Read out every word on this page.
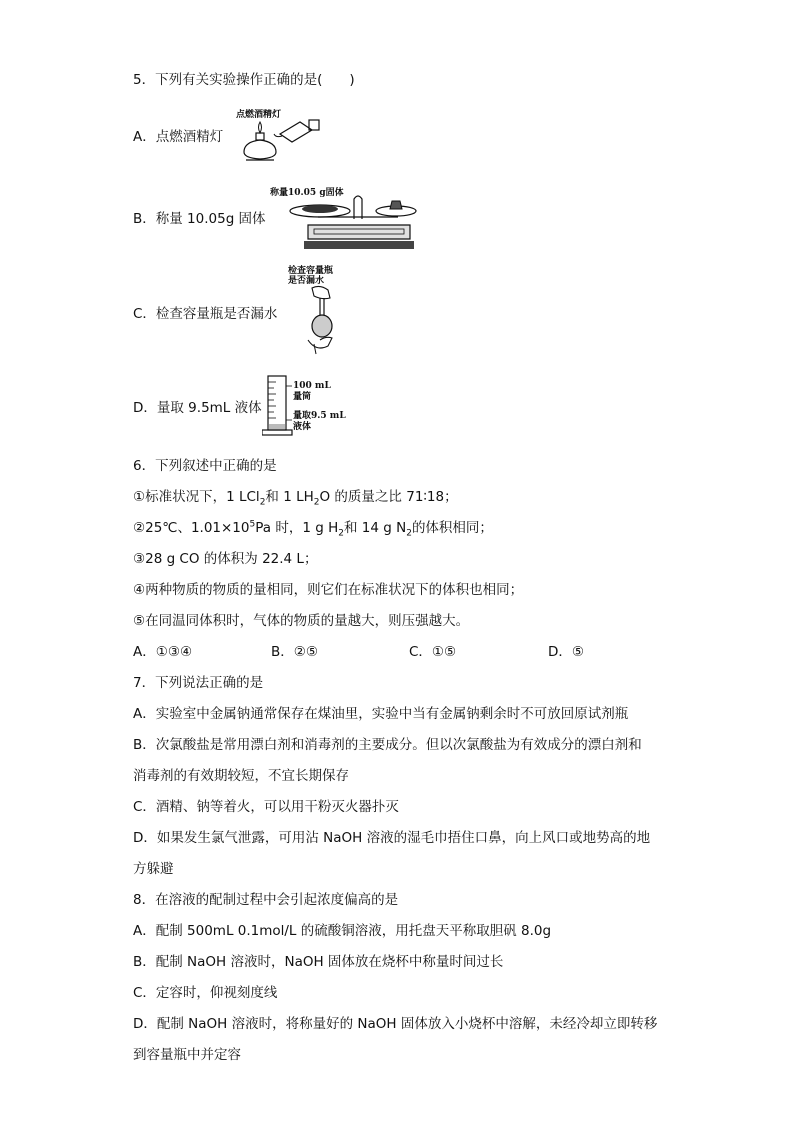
5．下列有关实验操作正确的是(　　)
A．点燃酒精灯
点燃酒精灯
B．称量 10.05g 固体
称量10.05 g固体
C．检查容量瓶是否漏水
检查容量瓶
是否漏水
D．量取 9.5mL 液体
100 mL
量筒
量取9.5 mL
液体
6．下列叙述中正确的是
①标准状况下，1 LCl$_2$和 1 $LH_2O$ 的质量之比 71∶18；
②25℃、$1.01\times 10^5Pa$ 时，1 g $H_2$和 14 g $N_2$的体积相同；
③28 g CO 的体积为 22.4 L；
④两种物质的物质的量相同，则它们在标准状况下的体积也相同；
⑤在同温同体积时，气体的物质的量越大，则压强越大。
A．①③④	B．②⑤	C．①⑤	D．⑤
7．下列说法正确的是
A．实验室中金属钠通常保存在煤油里，实验中当有金属钠剩余时不可放回原试剂瓶
B．次氯酸盐是常用漂白剂和消毒剂的主要成分。但以次氯酸盐为有效成分的漂白剂和
消毒剂的有效期较短，不宜长期保存
C．酒精、钠等着火，可以用干粉灭火器扑灭
D．如果发生氯气泄露，可用沾 NaOH 溶液的湿毛巾捂住口鼻，向上风口或地势高的地
方躲避
8．在溶液的配制过程中会引起浓度偏高的是
A．配制 500mL 0.1mol/L 的硫酸铜溶液，用托盘天平称取胆矾 8.0g
B．配制 NaOH 溶液时，NaOH 固体放在烧杯中称量时间过长
C．定容时，仰视刻度线
D．配制 NaOH 溶液时，将称量好的 NaOH 固体放入小烧杯中溶解，未经冷却立即转移
到容量瓶中并定容
